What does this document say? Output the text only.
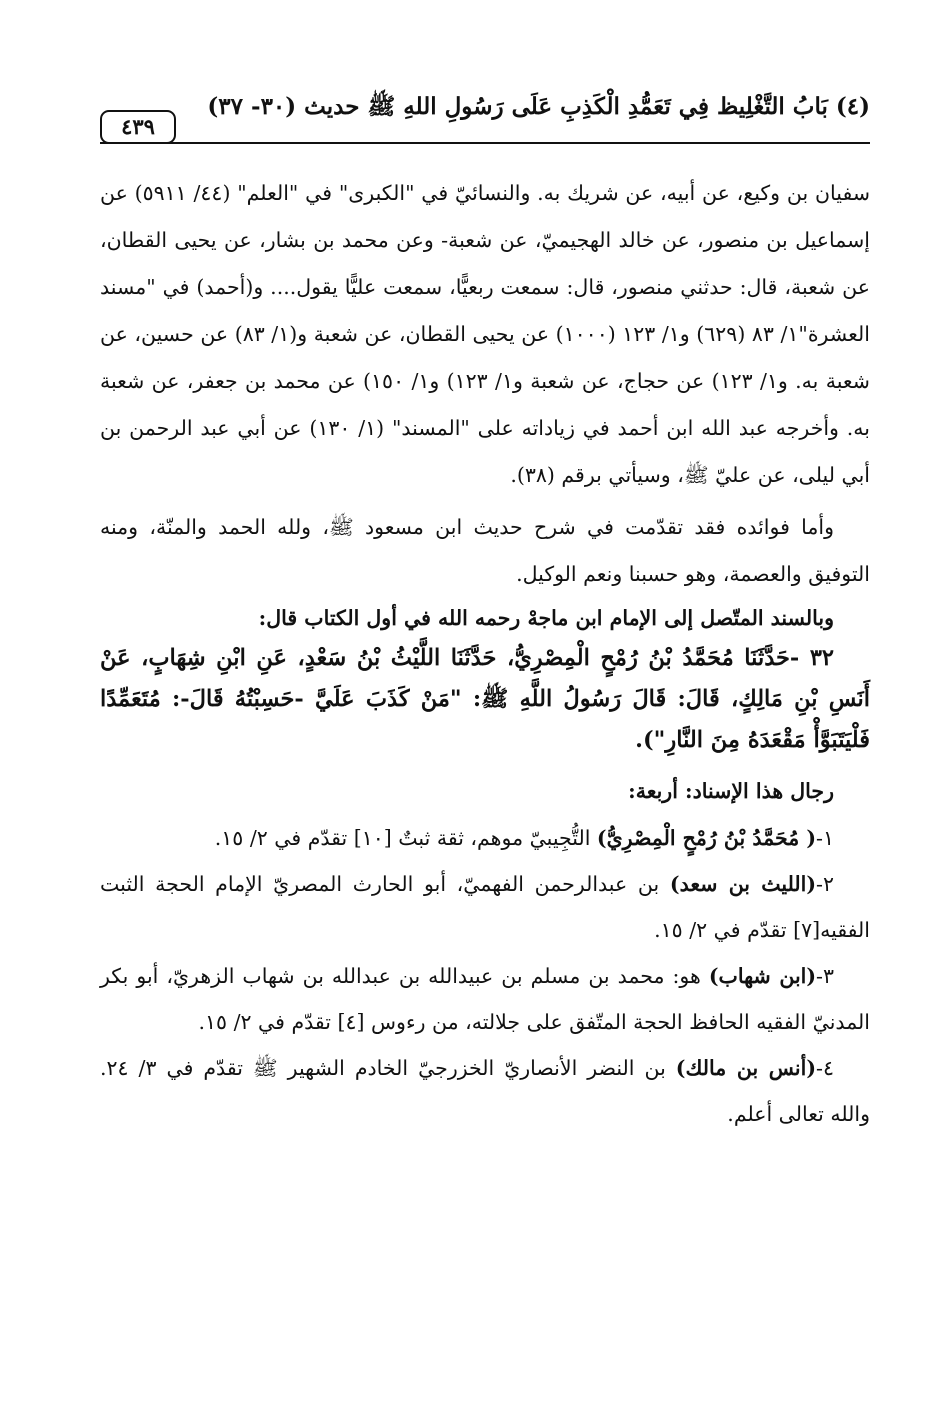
(٤) بَابُ التَّغْلِيظ فِي تَعَمُّدِ الْكَذِبِ عَلَى رَسُولِ اللهِ ﷺ حديث (٣٠- ٣٧)
٤٣٩

سفيان بن وكيع، عن أبيه، عن شريك به. والنسائيّ في "الكبرى" في "العلم" (٤٤/ ٥٩١١) عن إسماعيل بن منصور، عن خالد الهجيميّ، عن شعبة- وعن محمد بن بشار، عن يحيى القطان، عن شعبة، قال: حدثني منصور، قال: سمعت ربعيًّا، سمعت عليًّا يقول.... و(أحمد) في "مسند العشرة"١/ ٨٣ (٦٢٩) و١/ ١٢٣ (١٠٠٠) عن يحيى القطان، عن شعبة و(١/ ٨٣) عن حسين، عن شعبة به. و١/ ١٢٣) عن حجاج، عن شعبة و١/ ١٢٣) و١/ ١٥٠) عن محمد بن جعفر، عن شعبة به. وأخرجه عبد الله ابن أحمد في زياداته على "المسند" (١/ ١٣٠) عن أبي عبد الرحمن بن أبي ليلى، عن عليّ ﷺ، وسيأتي برقم (٣٨).

وأما فوائده فقد تقدّمت في شرح حديث ابن مسعود ﷺ، ولله الحمد والمنّة، ومنه التوفيق والعصمة، وهو حسبنا ونعم الوكيل.

وبالسند المتّصل إلى الإمام ابن ماجهْ رحمه الله في أول الكتاب قال:

٣٢ -حَدَّثَنَا مُحَمَّدُ بْنُ رُمْحٍ الْمِصْرِيُّ، حَدَّثَنَا اللَّيْثُ بْنُ سَعْدٍ، عَنِ ابْنِ شِهَابٍ، عَنْ أَنَسِ بْنِ مَالِكٍ، قَالَ: قَالَ رَسُولُ اللَّهِ ﷺ: "مَنْ كَذَبَ عَلَيَّ -حَسِبْتُهُ قَالَ-: مُتَعَمِّدًا فَلْيَتَبَوَّأْ مَقْعَدَهُ مِنَ النَّارِ").

رجال هذا الإسناد: أربعة:

١-( مُحَمَّدُ بْنُ رُمْحٍ الْمِصْرِيُّ) التُّجِيبيّ موهم، ثقة ثبتٌ [١٠] تقدّم في ٢/ ١٥.

٢-(الليث بن سعد) بن عبدالرحمن الفهميّ، أبو الحارث المصريّ الإمام الحجة الثبت الفقيه[٧] تقدّم في ٢/ ١٥.

٣-(ابن شهاب) هو: محمد بن مسلم بن عبيدالله بن عبدالله بن شهاب الزهريّ، أبو بكر المدنيّ الفقيه الحافظ الحجة المتّفق على جلالته، من رءوس [٤] تقدّم في ٢/ ١٥.

٤-(أنس بن مالك) بن النضر الأنصاريّ الخزرجيّ الخادم الشهير ﷺ تقدّم في ٣/ ٢٤. والله تعالى أعلم.
